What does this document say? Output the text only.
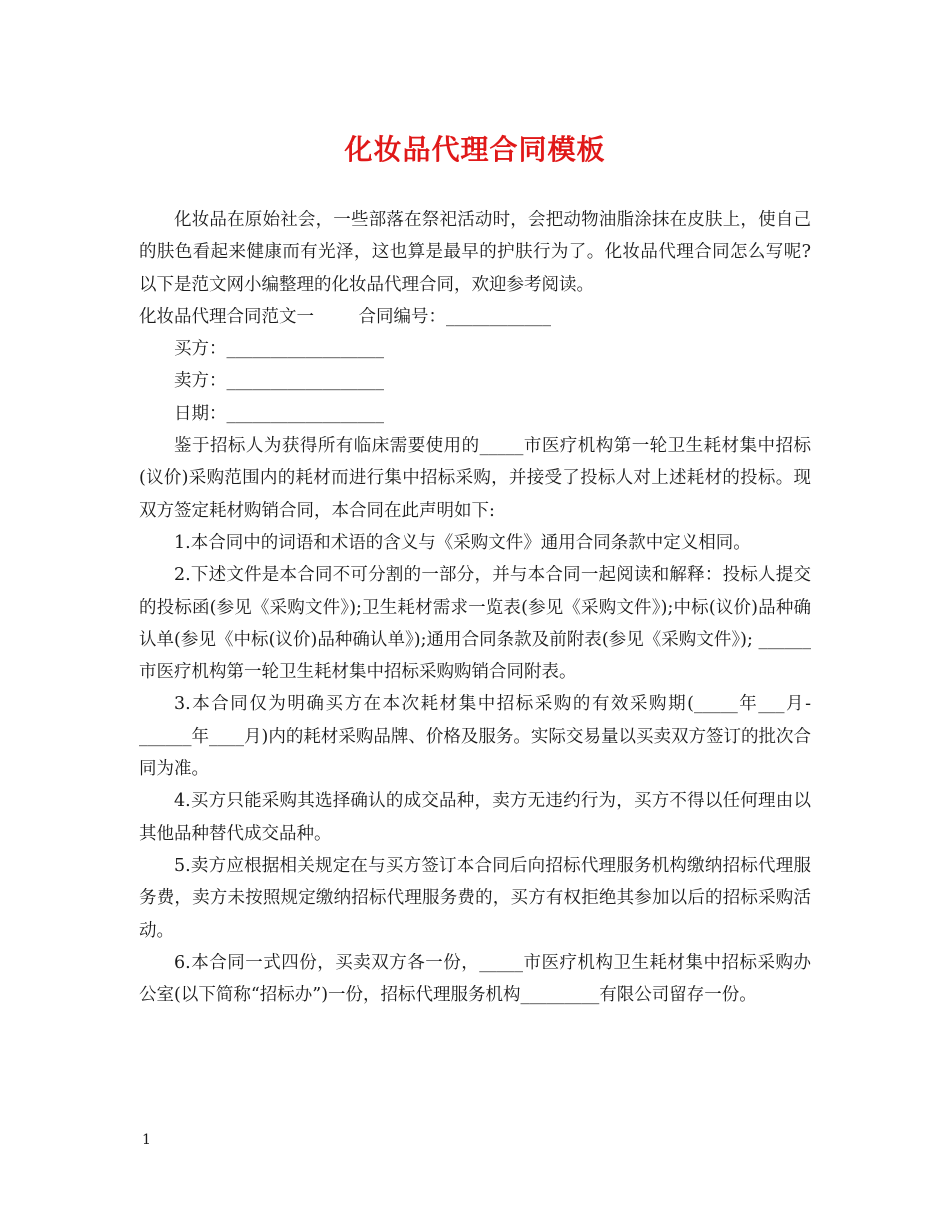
化妆品代理合同模板

化妆品在原始社会，一些部落在祭祀活动时，会把动物油脂涂抹在皮肤上，使自己的肤色看起来健康而有光泽，这也算是最早的护肤行为了。化妆品代理合同怎么写呢?以下是范文网小编整理的化妆品代理合同，欢迎参考阅读。

化妆品代理合同范文一	合同编号：____________

买方：__________________

卖方：__________________

日期：__________________

鉴于招标人为获得所有临床需要使用的_____市医疗机构第一轮卫生耗材集中招标(议价)采购范围内的耗材而进行集中招标采购，并接受了投标人对上述耗材的投标。现双方签定耗材购销合同，本合同在此声明如下:

1.本合同中的词语和术语的含义与《采购文件》通用合同条款中定义相同。

2.下述文件是本合同不可分割的一部分，并与本合同一起阅读和解释：投标人提交的投标函(参见《采购文件》);卫生耗材需求一览表(参见《采购文件》);中标(议价)品种确认单(参见《中标(议价)品种确认单》);通用合同条款及前附表(参见《采购文件》); ______市医疗机构第一轮卫生耗材集中招标采购购销合同附表。

3.本合同仅为明确买方在本次耗材集中招标采购的有效采购期(_____年___月-______年____月)内的耗材采购品牌、价格及服务。实际交易量以买卖双方签订的批次合同为准。

4.买方只能采购其选择确认的成交品种，卖方无违约行为，买方不得以任何理由以其他品种替代成交品种。

5.卖方应根据相关规定在与买方签订本合同后向招标代理服务机构缴纳招标代理服务费，卖方未按照规定缴纳招标代理服务费的，买方有权拒绝其参加以后的招标采购活动。

6.本合同一式四份，买卖双方各一份，_____市医疗机构卫生耗材集中招标采购办公室(以下简称“招标办”)一份，招标代理服务机构_________有限公司留存一份。

1
